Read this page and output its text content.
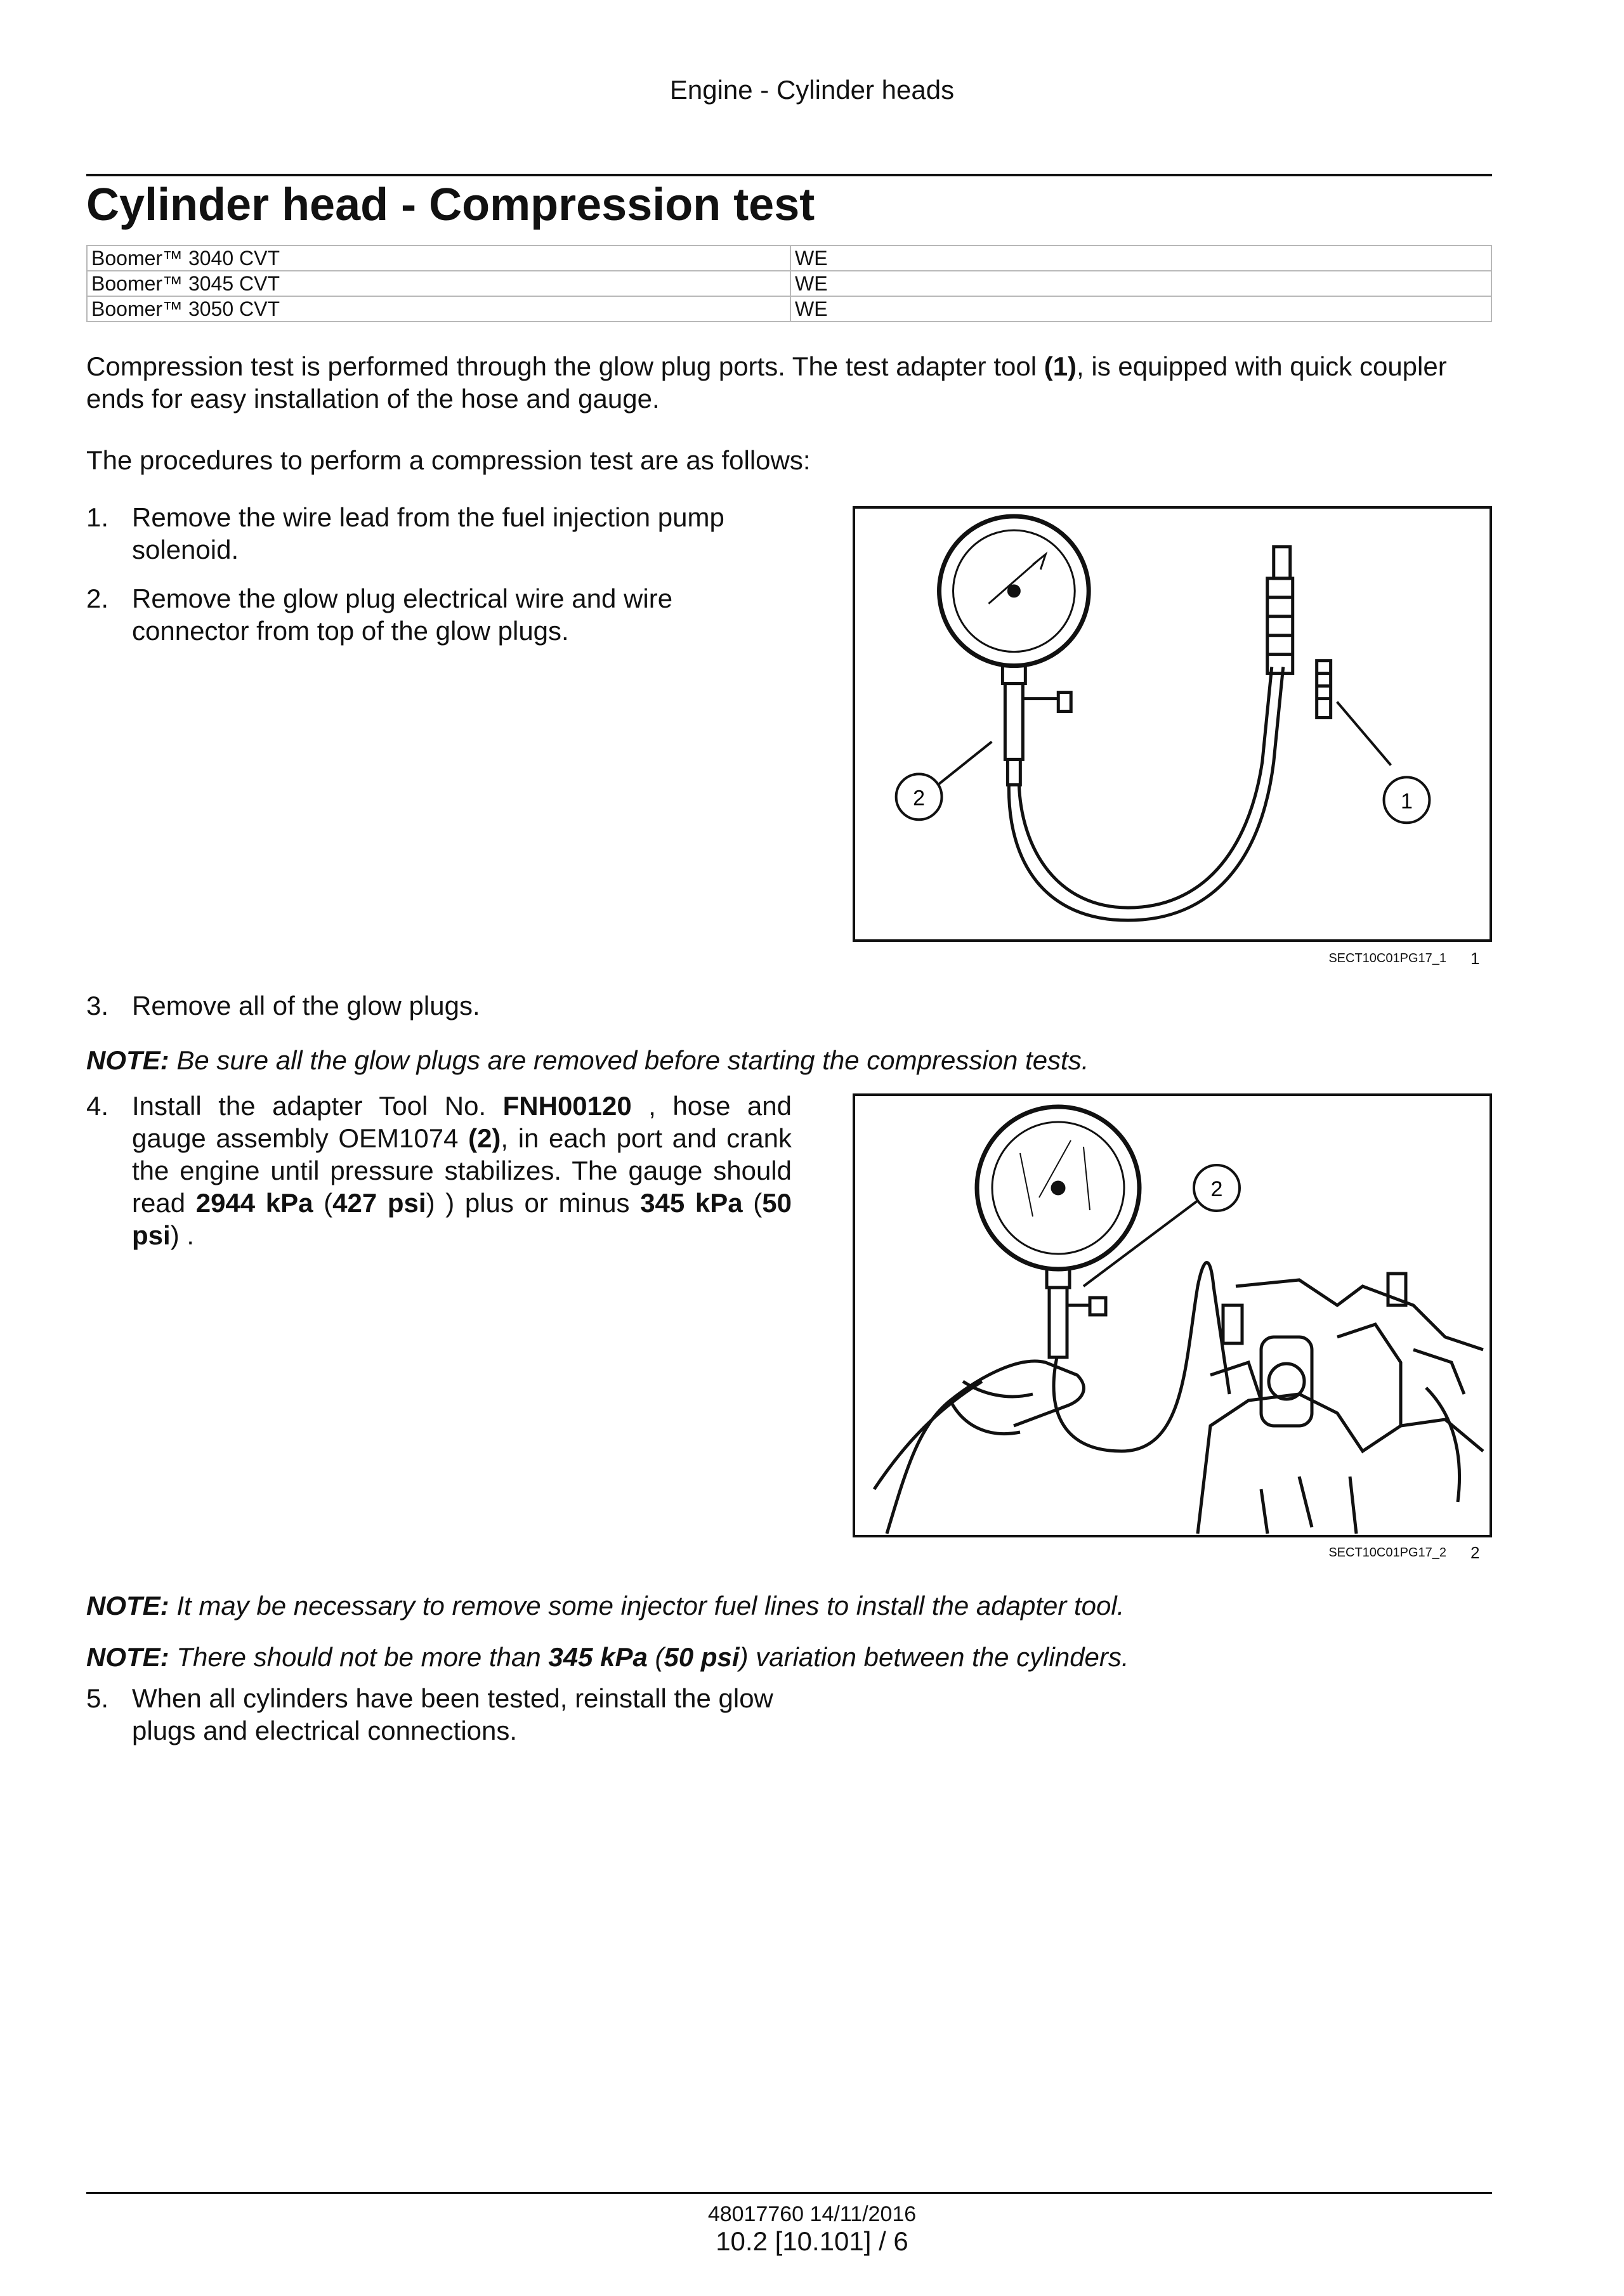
Engine - Cylinder heads
Cylinder head - Compression test
Boomer™ 3040 CVT	WE
Boomer™ 3045 CVT	WE
Boomer™ 3050 CVT	WE

Compression test is performed through the glow plug ports. The test adapter tool (1), is equipped with quick coupler ends for easy installation of the hose and gauge.

The procedures to perform a compression test are as follows:

1. Remove the wire lead from the fuel injection pump solenoid.
2. Remove the glow plug electrical wire and wire connector from top of the glow plugs.
2	1
SECT10C01PG17_1 1
3. Remove all of the glow plugs.
NOTE: Be sure all the glow plugs are removed before starting the compression tests.
4. Install the adapter Tool No. FNH00120 , hose and gauge assembly OEM1074 (2), in each port and crank the engine until pressure stabilizes. The gauge should read 2944 kPa (427 psi) ) plus or minus 345 kPa (50 psi) .
2
SECT10C01PG17_2 2
NOTE: It may be necessary to remove some injector fuel lines to install the adapter tool.
NOTE: There should not be more than 345 kPa (50 psi) variation between the cylinders.
5. When all cylinders have been tested, reinstall the glow plugs and electrical connections.
48017760 14/11/2016
10.2 [10.101] / 6
